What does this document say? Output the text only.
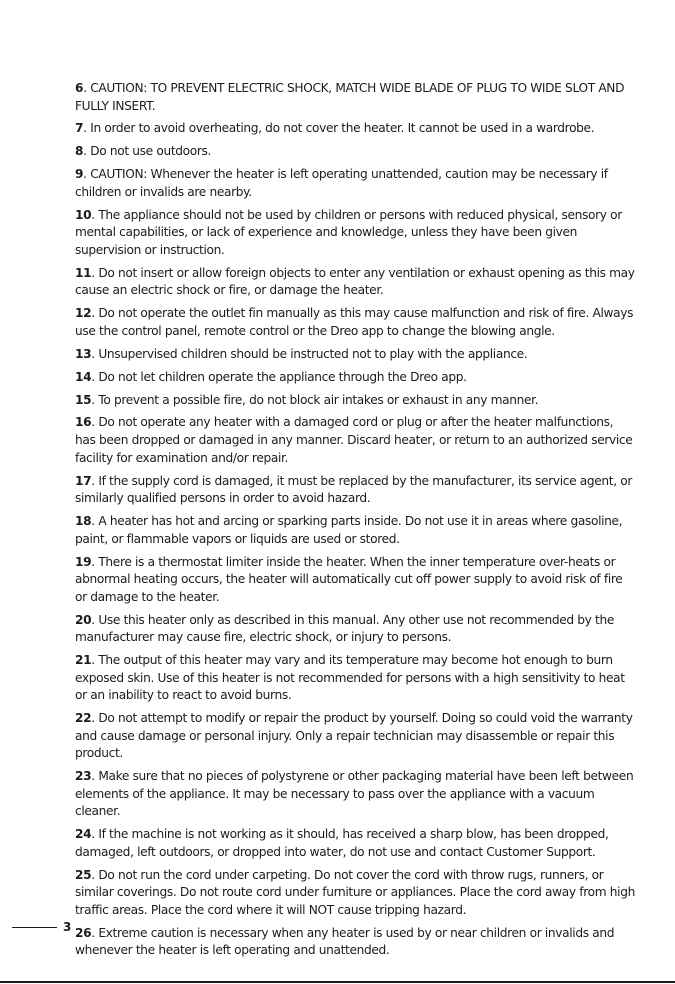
6. CAUTION: TO PREVENT ELECTRIC SHOCK, MATCH WIDE BLADE OF PLUG TO WIDE SLOT AND FULLY INSERT.

7. In order to avoid overheating, do not cover the heater. It cannot be used in a wardrobe.

8. Do not use outdoors.

9. CAUTION: Whenever the heater is left operating unattended, caution may be necessary if children or invalids are nearby.

10. The appliance should not be used by children or persons with reduced physical, sensory or mental capabilities, or lack of experience and knowledge, unless they have been given supervision or instruction.

11. Do not insert or allow foreign objects to enter any ventilation or exhaust opening as this may cause an electric shock or fire, or damage the heater.

12. Do not operate the outlet fin manually as this may cause malfunction and risk of fire. Always use the control panel, remote control or the Dreo app to change the blowing angle.

13. Unsupervised children should be instructed not to play with the appliance.

14. Do not let children operate the appliance through the Dreo app.

15. To prevent a possible fire, do not block air intakes or exhaust in any manner.

16. Do not operate any heater with a damaged cord or plug or after the heater malfunctions, has been dropped or damaged in any manner. Discard heater, or return to an authorized service facility for examination and/or repair.

17. If the supply cord is damaged, it must be replaced by the manufacturer, its service agent, or similarly qualified persons in order to avoid hazard.

18. A heater has hot and arcing or sparking parts inside. Do not use it in areas where gasoline, paint, or flammable vapors or liquids are used or stored.

19. There is a thermostat limiter inside the heater. When the inner temperature over-heats or abnormal heating occurs, the heater will automatically cut off power supply to avoid risk of fire or damage to the heater.

20. Use this heater only as described in this manual. Any other use not recommended by the manufacturer may cause fire, electric shock, or injury to persons.

21. The output of this heater may vary and its temperature may become hot enough to burn exposed skin. Use of this heater is not recommended for persons with a high sensitivity to heat or an inability to react to avoid burns.

22. Do not attempt to modify or repair the product by yourself. Doing so could void the warranty and cause damage or personal injury. Only a repair technician may disassemble or repair this product.

23. Make sure that no pieces of polystyrene or other packaging material have been left between elements of the appliance. It may be necessary to pass over the appliance with a vacuum cleaner.

24. If the machine is not working as it should, has received a sharp blow, has been dropped, damaged, left outdoors, or dropped into water, do not use and contact Customer Support.

25. Do not run the cord under carpeting. Do not cover the cord with throw rugs, runners, or similar coverings. Do not route cord under furniture or appliances. Place the cord away from high traffic areas. Place the cord where it will NOT cause tripping hazard.

26. Extreme caution is necessary when any heater is used by or near children or invalids and whenever the heater is left operating and unattended.

3
